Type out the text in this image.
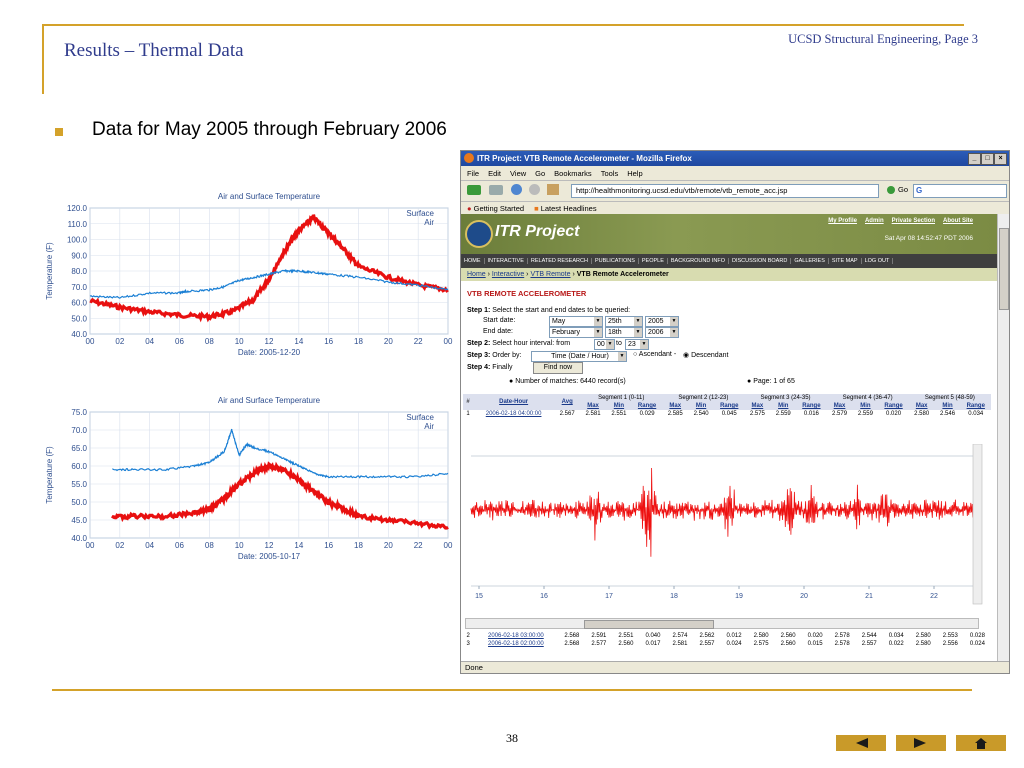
Results – Thermal Data
UCSD Structural Engineering, Page 3
Data for May 2005 through February 2006
Air and Surface Temperature
120.0
110.0
100.0
90.0
80.0
70.0
60.0
50.0
40.0
00	02	04	06	08	10	12	14	16	18	20	22	00
Date: 2005-12-20
Temperature (F)
Surface
Air
Air and Surface Temperature
75.0
70.0
65.0
60.0
55.0
50.0
45.0
40.0
00	02	04	06	08	10	12	14	16	18	20	22	00
Date: 2005-10-17
Temperature (F)
Surface
Air
ITR Project: VTB Remote Accelerometer - Mozilla Firefox	_	□	×
File Edit View Go Bookmarks Tools Help
http://healthmonitoring.ucsd.edu/vtb/remote/vtb_remote_acc.jsp	Go G
● Getting Started ■ Latest Headlines
ITR Project
My Profile Admin Private Section About Site
Sat Apr 08 14:52:47 PDT 2006
HOME	INTERACTIVE	RELATED RESEARCH	PUBLICATIONS	PEOPLE	BACKGROUND INFO	DISCUSSION BOARD	GALLERIES	SITE MAP	LOG OUT
Home › Interactive › VTB Remote › VTB Remote Accelerometer
VTB REMOTE ACCELEROMETER
Step 1: Select the start and end dates to be queried:
Start date:	May ▼	25th ▼	2005 ▼
End date:	February ▼	18th ▼	2006 ▼
Step 2: Select hour interval: from	00 ▼	to 23 ▼
Step 3: Order by:	Time (Date / Hour) ▼	○ Ascendant - ◉ Descendant
Step 4: Finally	Find now
● Number of matches: 6440 record(s)	● Page: 1 of 65
#	Date-Hour	Avg	Segment 1 (0-11)			Segment 2 (12-23)			Segment 3 (24-35)			Segment 4 (36-47)			Segment 5 (48-59)		
			Max	Min	Range	Max	Min	Range	Max	Min	Range	Max	Min	Range	Max	Min	Range
1	2006-02-18 04:00:00	2.567	2.581	2.551	0.029	2.585	2.540	0.045	2.575	2.559	0.016	2.579	2.559	0.020	2.580	2.546	0.034
15	16	17	18	19	20	21	22
2	2006-02-18 03:00:00	2.568	2.591	2.551	0.040	2.574	2.562	0.012	2.580	2.560	0.020	2.578	2.544	0.034	2.580	2.553	0.028
3	2006-02-18 02:00:00	2.568	2.577	2.560	0.017	2.581	2.557	0.024	2.575	2.560	0.015	2.578	2.557	0.022	2.580	2.556	0.024
Done
38
